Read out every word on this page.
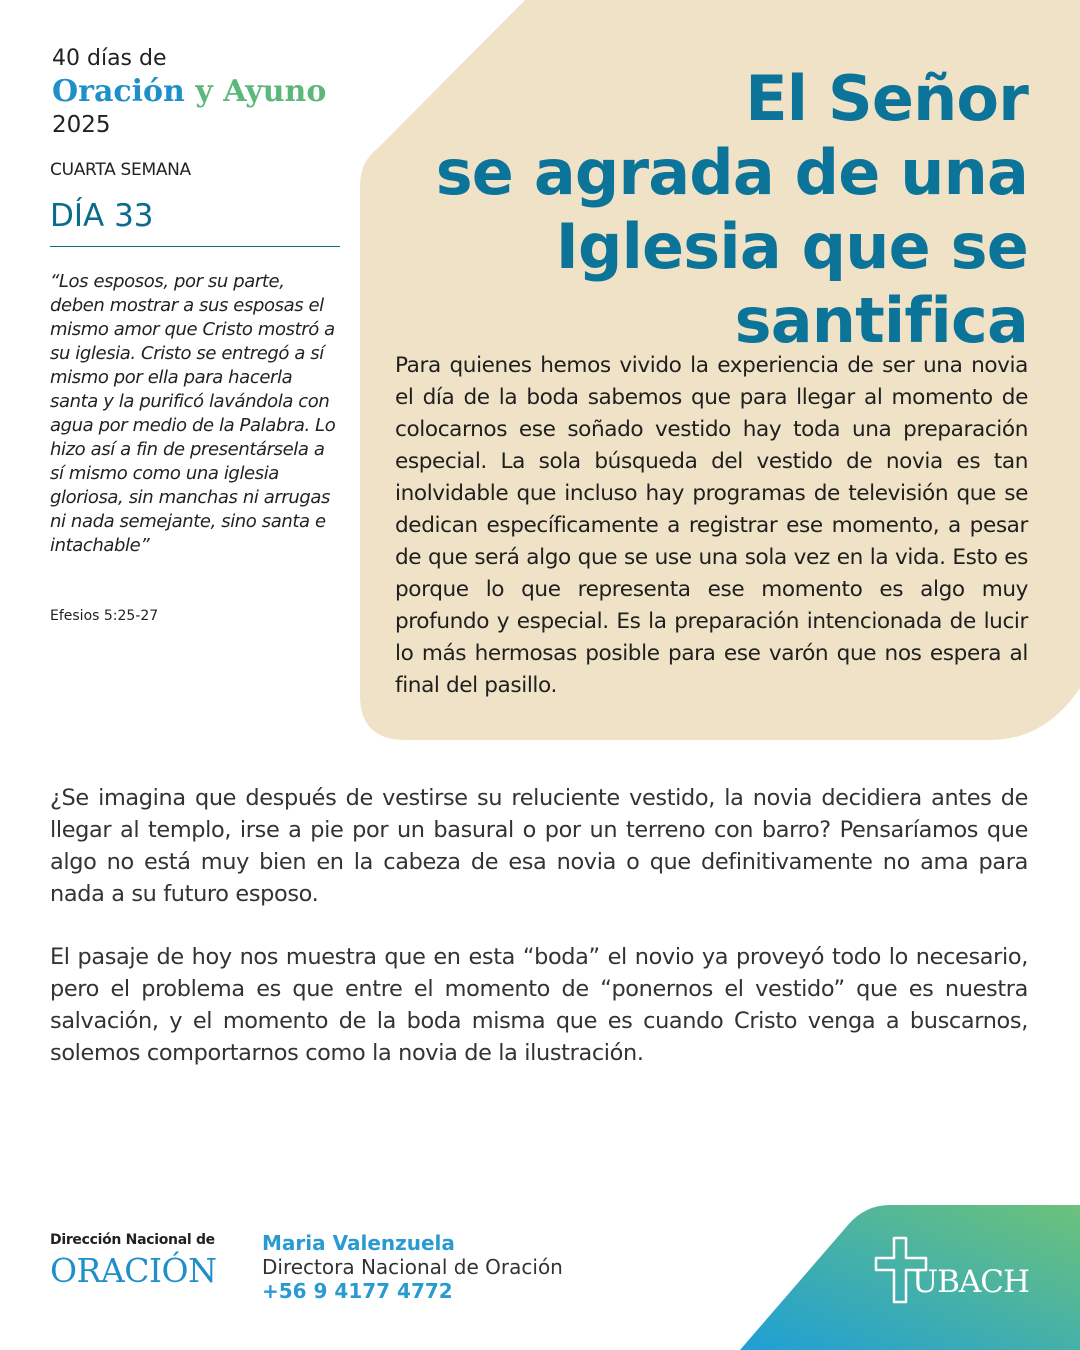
40 días de
Oración y Ayuno
2025
CUARTA SEMANA
DÍA 33
“Los esposos, por su parte, deben mostrar a sus esposas el mismo amor que Cristo mostró a su iglesia. Cristo se entregó a sí mismo por ella para hacerla santa y la purificó lavándola con agua por medio de la Palabra. Lo hizo así a fin de presentársela a sí mismo como una iglesia gloriosa, sin manchas ni arrugas ni nada semejante, sino santa e intachable”
Efesios 5:25-27
El Señor
se agrada de una
Iglesia que se
santifica

Para quienes hemos vivido la experiencia de ser una novia el día de la boda sabemos que para llegar al momento de colocarnos ese soñado vestido hay toda una preparación especial. La sola búsqueda del vestido de novia es tan inolvidable que incluso hay programas de televisión que se dedican específicamente a registrar ese momento, a pesar de que será algo que se use una sola vez en la vida. Esto es porque lo que representa ese momento es algo muy profundo y especial. Es la preparación intencionada de lucir lo más hermosas posible para ese varón que nos espera al final del pasillo.

¿Se imagina que después de vestirse su reluciente vestido, la novia decidiera antes de llegar al templo, irse a pie por un basural o por un terreno con barro? Pensaríamos que algo no está muy bien en la cabeza de esa novia o que definitivamente no ama para nada a su futuro esposo.

El pasaje de hoy nos muestra que en esta “boda” el novio ya proveyó todo lo necesario, pero el problema es que entre el momento de “ponernos el vestido” que es nuestra salvación, y el momento de la boda misma que es cuando Cristo venga a buscarnos, solemos comportarnos como la novia de la ilustración.

Dirección Nacional de
ORACIÓN
Maria Valenzuela
Directora Nacional de Oración
+56 9 4177 4772	UBACH
